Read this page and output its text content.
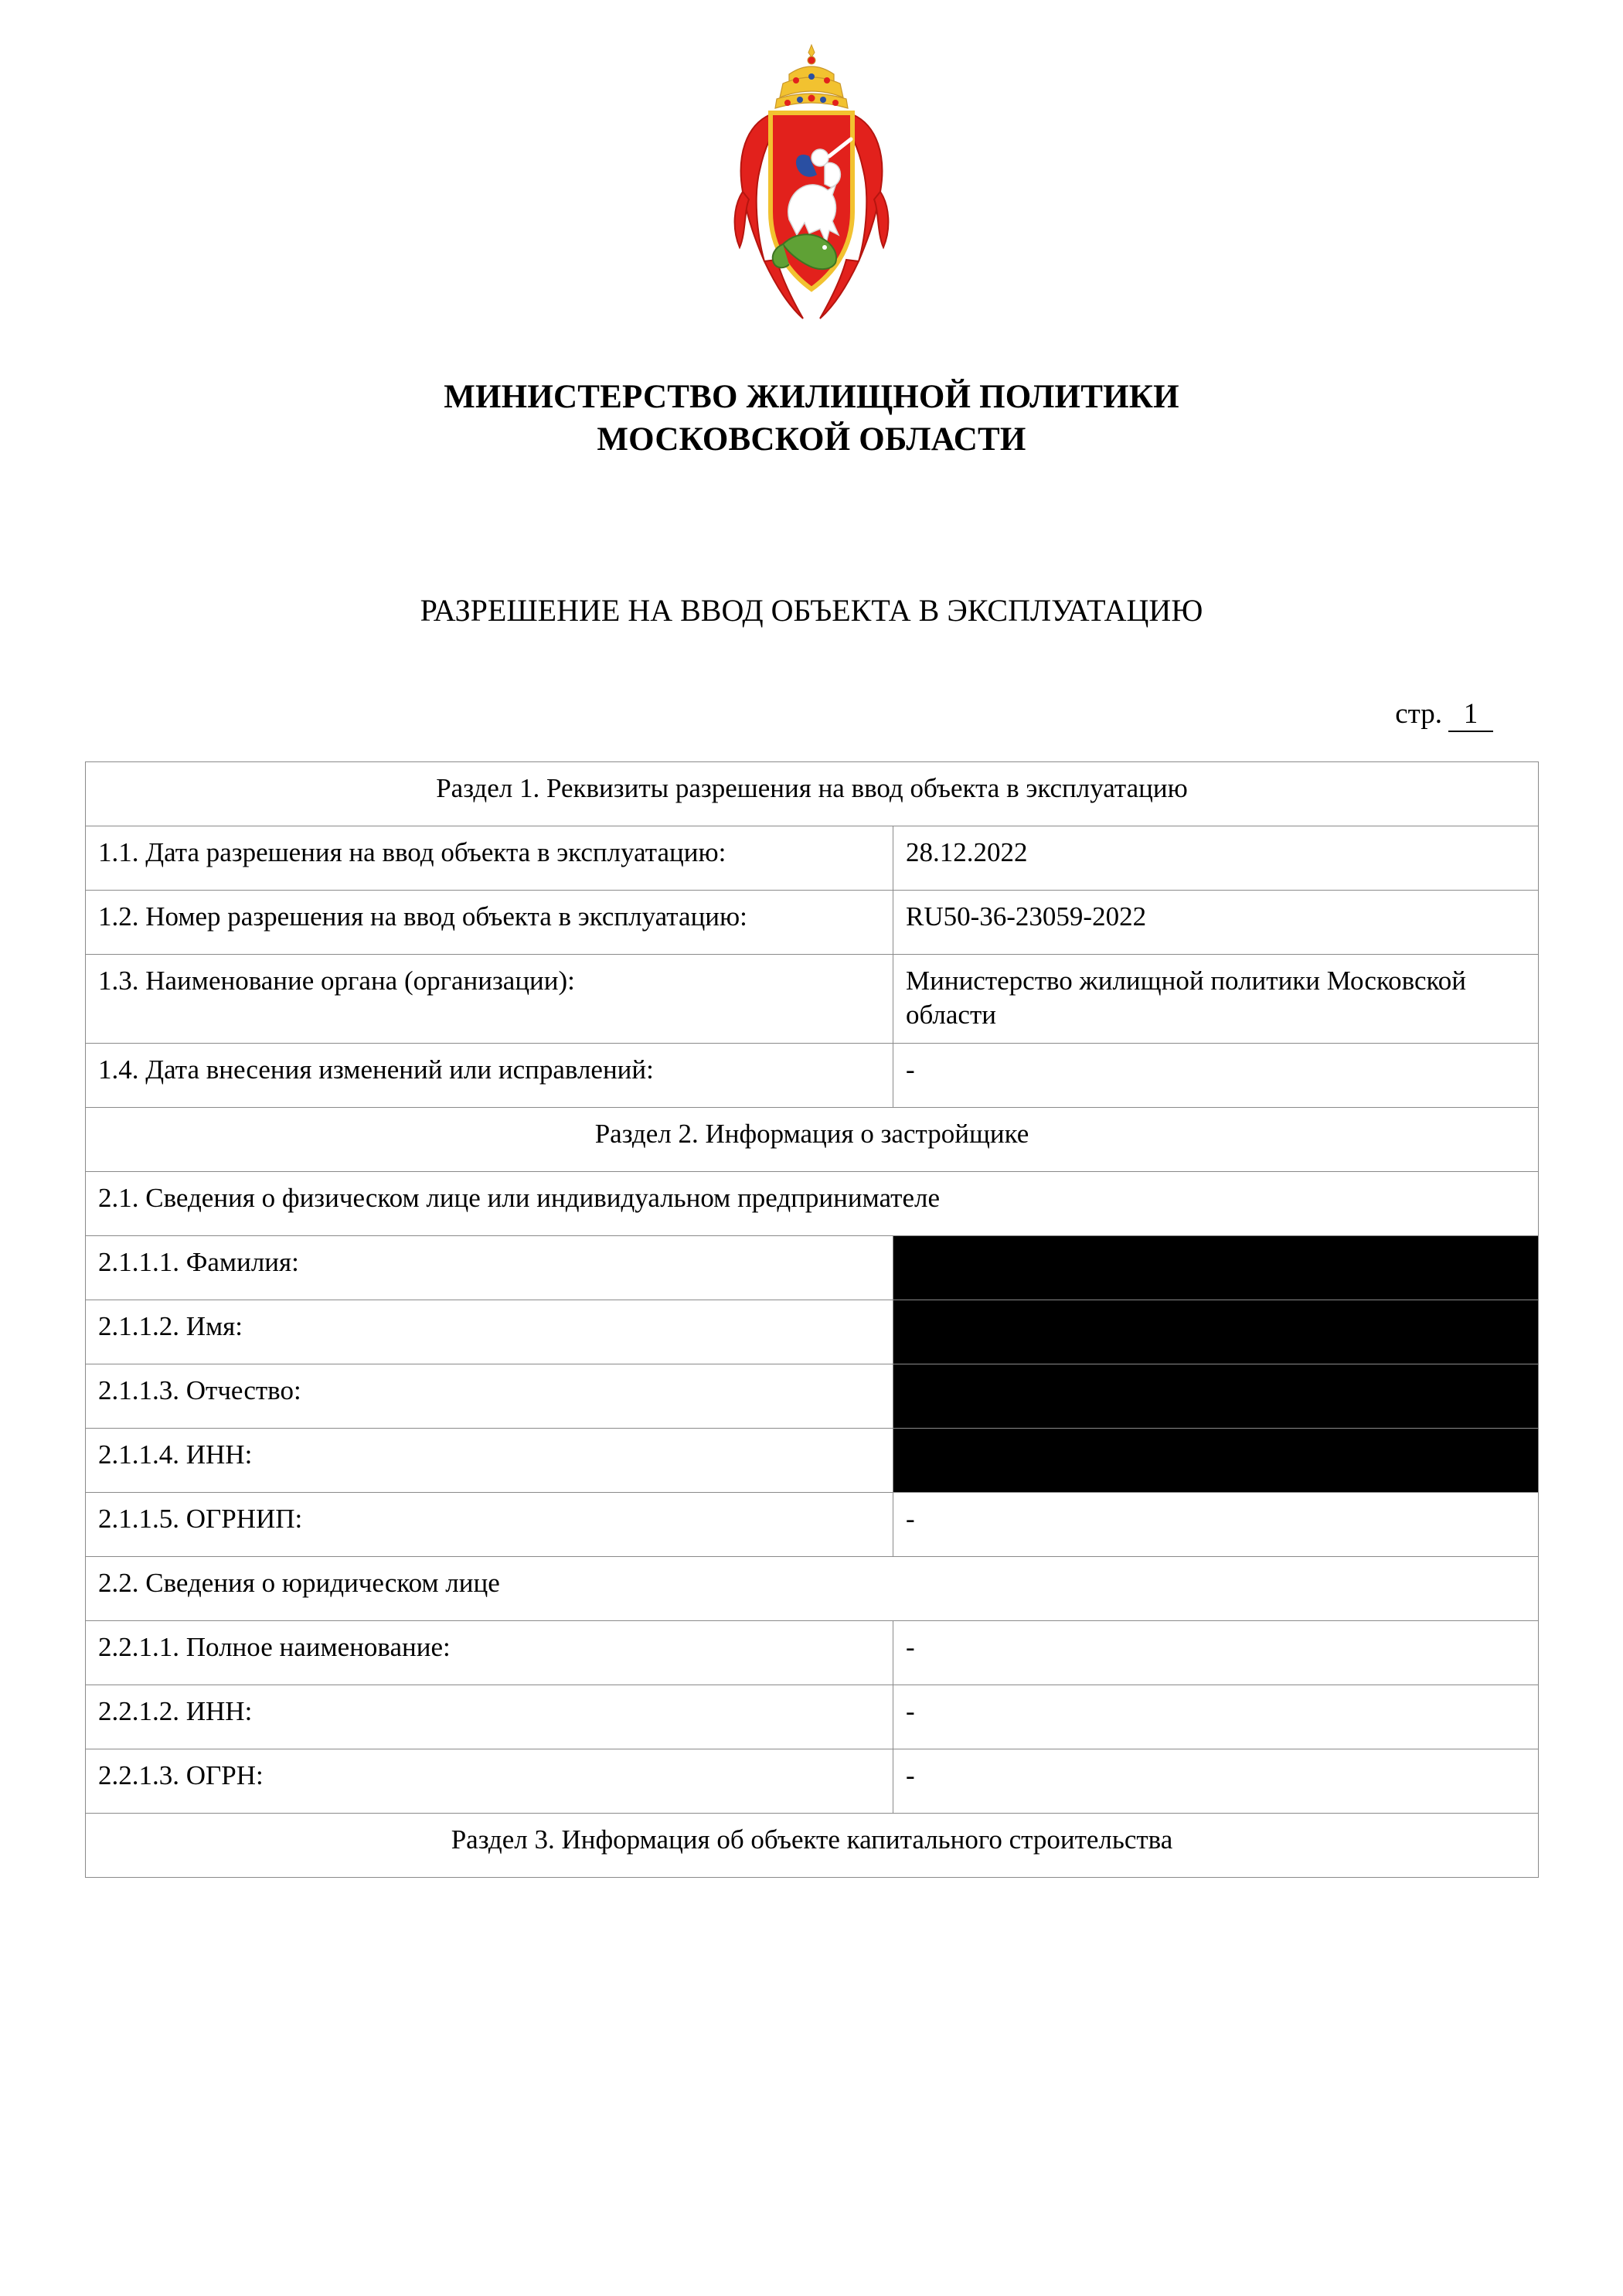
МИНИСТЕРСТВО ЖИЛИЩНОЙ ПОЛИТИКИ
МОСКОВСКОЙ ОБЛАСТИ
РАЗРЕШЕНИЕ НА ВВОД ОБЪЕКТА В ЭКСПЛУАТАЦИЮ
стр. 1
Раздел 1. Реквизиты разрешения на ввод объекта в эксплуатацию	
1.1. Дата разрешения на ввод объекта в эксплуатацию:	28.12.2022
1.2. Номер разрешения на ввод объекта в эксплуатацию:	RU50-36-23059-2022
1.3. Наименование органа (организации):	Министерство жилищной политики Московской области
1.4. Дата внесения изменений или исправлений:	-
Раздел 2. Информация о застройщике	
2.1. Сведения о физическом лице или индивидуальном предпринимателе	
2.1.1.1. Фамилия:	

2.1.1.2. Имя:	

2.1.1.3. Отчество:	

2.1.1.4. ИНН:	

2.1.1.5. ОГРНИП:	-
2.2. Сведения о юридическом лице	
2.2.1.1. Полное наименование:	-
2.2.1.2. ИНН:	-
2.2.1.3. ОГРН:	-
Раздел 3. Информация об объекте капитального строительства	
